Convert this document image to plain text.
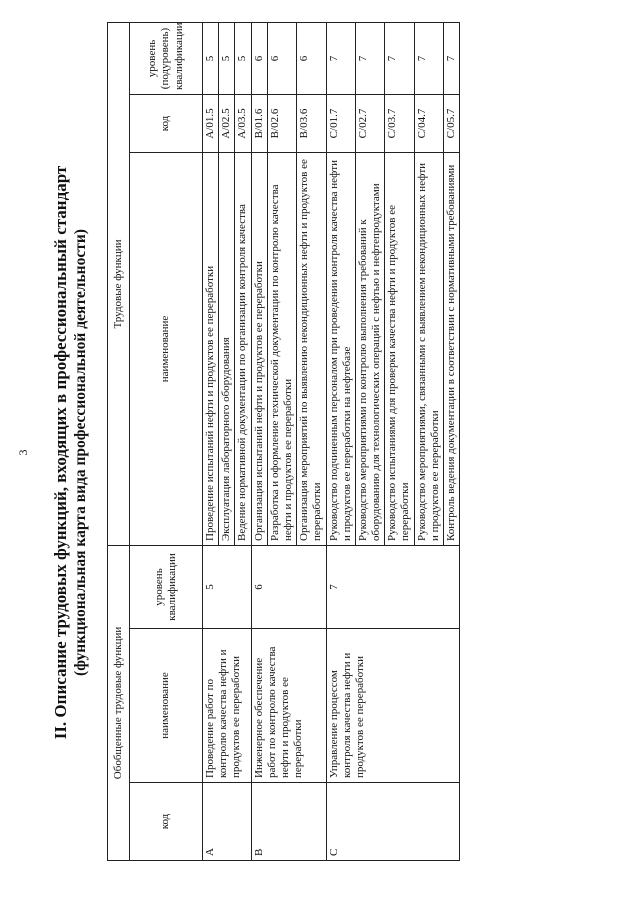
3 II. Описание трудовых функций, входящих в профессиональный стандарт (функциональная карта вида профессиональной деятельности)
Обобщенные трудовые функции			Трудовые функции		
код	наименование	уровень квалификации	наименование	код	уровень (подуровень) квалификации
А	Проведение работ по контролю качества нефти и продуктов ее переработки	5	Проведение испытаний нефти и продуктов ее переработки	А/01.5	5
			Эксплуатация лабораторного оборудования	А/02.5	5
			Ведение нормативной документации по организации контроля качества	А/03.5	5
В	Инженерное обеспечение работ по контролю качества нефти и продуктов ее переработки	6	Организация испытаний нефти и продуктов ее переработки	В/01.6	6
			Разработка и оформление технической документации по контролю качества нефти и продуктов ее переработки	В/02.6	6
			Организация мероприятий по выявлению некондиционных нефти и продуктов ее переработки	В/03.6	6
С	Управление процессом контроля качества нефти и продуктов ее переработки	7	Руководство подчиненным персоналом при проведении контроля качества нефти и продуктов ее переработки на нефтебазе	С/01.7	7
			Руководство мероприятиями по контролю выполнения требований к оборудованию для технологических операций с нефтью и нефтепродуктами	С/02.7	7
			Руководство испытаниями для проверки качества нефти и продуктов ее переработки	С/03.7	7
			Руководство мероприятиями, связанными с выявлением некондиционных нефти и продуктов ее переработки	С/04.7	7
			Контроль ведения документации в соответствии с нормативными требованиями	С/05.7	7
